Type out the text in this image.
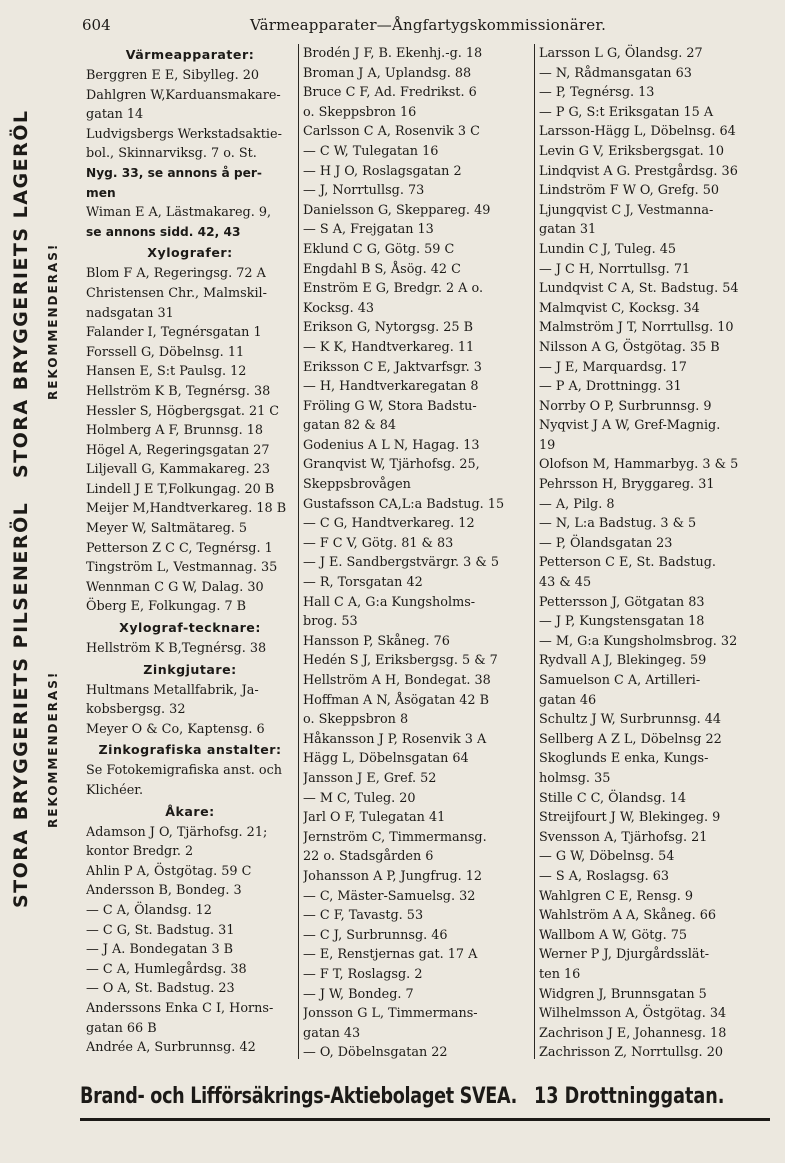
604	Värmeapparater—Ångfartygskommissionärer.
STORA BRYGGERIETS LAGERÖL
STORA BRYGGERIETS PILSENERÖL
REKOMMENDERAS!
REKOMMENDERAS!
Värmeapparater:
Berggren E E, Sibylleg. 20
Dahlgren W,Karduansmakare-
gatan 14
Ludvigsbergs Werkstadsaktie-
bol., Skinnarviksg. 7 o. St.
Nyg. 33, se annons å per-
men
Wiman E A, Lästmakareg. 9,
se annons sidd. 42, 43
Xylografer:
Blom F A, Regeringsg. 72 A
Christensen Chr., Malmskil-
nadsgatan 31
Falander I, Tegnérsgatan 1
Forssell G, Döbelnsg. 11
Hansen E, S:t Paulsg. 12
Hellström K B, Tegnérsg. 38
Hessler S, Högbergsgat. 21 C
Holmberg A F, Brunnsg. 18
Högel A, Regeringsgatan 27
Liljevall G, Kammakareg. 23
Lindell J E T,Folkungag. 20 B
Meijer M,Handtverkareg. 18 B
Meyer W, Saltmätareg. 5
Petterson Z C C, Tegnérsg. 1
Tingström L, Vestmannag. 35
Wennman C G W, Dalag. 30
Öberg E, Folkungag. 7 B
Xylograf-tecknare:
Hellström K B,Tegnérsg. 38
Zinkgjutare:
Hultmans Metallfabrik, Ja-
kobsbergsg. 32
Meyer O & Co, Kaptensg. 6
Zinkografiska anstalter:
Se Fotokemigrafiska anst. och
Klichéer.
Åkare:
Adamson J O, Tjärhofsg. 21;
kontor Bredgr. 2
Ahlin P A, Östgötag. 59 C
Andersson B, Bondeg. 3
— C A, Ölandsg. 12
— C G, St. Badstug. 31
— J A. Bondegatan 3 B
— C A, Humlegårdsg. 38
— O A, St. Badstug. 23
Anderssons Enka C I, Horns-
gatan 66 B
Andrée A, Surbrunnsg. 42
Brodén J F, B. Ekenhj.-g. 18
Broman J A, Uplandsg. 88
Bruce C F, Ad. Fredrikst. 6
o. Skeppsbron 16
Carlsson C A, Rosenvik 3 C
— C W, Tulegatan 16
— H J O, Roslagsgatan 2
— J, Norrtullsg. 73
Danielsson G, Skeppareg. 49
— S A, Frejgatan 13
Eklund C G, Götg. 59 C
Engdahl B S, Åsög. 42 C
Enström E G, Bredgr. 2 A o.
Kocksg. 43
Erikson G, Nytorgsg. 25 B
— K K, Handtverkareg. 11
Eriksson C E, Jaktvarfsgr. 3
— H, Handtverkaregatan 8
Fröling G W, Stora Badstu-
gatan 82 & 84
Godenius A L N, Hagag. 13
Granqvist W, Tjärhofsg. 25,
Skeppsbrovågen
Gustafsson CA,L:a Badstug. 15
— C G, Handtverkareg. 12
— F C V, Götg. 81 & 83
— J E. Sandbergstvärgr. 3 & 5
— R, Torsgatan 42
Hall C A, G:a Kungsholms-
brog. 53
Hansson P, Skåneg. 76
Hedén S J, Eriksbergsg. 5 & 7
Hellström A H, Bondegat. 38
Hoffman A N, Åsögatan 42 B
o. Skeppsbron 8
Håkansson J P, Rosenvik 3 A
Hägg L, Döbelnsgatan 64
Jansson J E, Gref. 52
— M C, Tuleg. 20
Jarl O F, Tulegatan 41
Jernström C, Timmermansg.
22 o. Stadsgården 6
Johansson A P, Jungfrug. 12
— C, Mäster-Samuelsg. 32
— C F, Tavastg. 53
— C J, Surbrunnsg. 46
— E, Renstjernas gat. 17 A
— F T, Roslagsg. 2
— J W, Bondeg. 7
Jonsson G L, Timmermans-
gatan 43
— O, Döbelnsgatan 22
Larsson L G, Ölandsg. 27
— N, Rådmansgatan 63
— P, Tegnérsg. 13
— P G, S:t Eriksgatan 15 A
Larsson-Hägg L, Döbelnsg. 64
Levin G V, Eriksbergsgat. 10
Lindqvist A G. Prestgårdsg. 36
Lindström F W O, Grefg. 50
Ljungqvist C J, Vestmanna-
gatan 31
Lundin C J, Tuleg. 45
— J C H, Norrtullsg. 71
Lundqvist C A, St. Badstug. 54
Malmqvist C, Kocksg. 34
Malmström J T, Norrtullsg. 10
Nilsson A G, Östgötag. 35 B
— J E, Marquardsg. 17
— P A, Drottningg. 31
Norrby O P, Surbrunnsg. 9
Nyqvist J A W, Gref-Magnig.
19
Olofson M, Hammarbyg. 3 & 5
Pehrsson H, Bryggareg. 31
— A, Pilg. 8
— N, L:a Badstug. 3 & 5
— P, Ölandsgatan 23
Petterson C E, St. Badstug.
43 & 45
Pettersson J, Götgatan 83
— J P, Kungstensgatan 18
— M, G:a Kungsholmsbrog. 32
Rydvall A J, Blekingeg. 59
Samuelson C A, Artilleri-
gatan 46
Schultz J W, Surbrunnsg. 44
Sellberg A Z L, Döbelnsg 22
Skoglunds E enka, Kungs-
holmsg. 35
Stille C C, Ölandsg. 14
Streijfourt J W, Blekingeg. 9
Svensson A, Tjärhofsg. 21
— G W, Döbelnsg. 54
— S A, Roslagsg. 63
Wahlgren C E, Rensg. 9
Wahlström A A, Skåneg. 66
Wallbom A W, Götg. 75
Werner P J, Djurgårdsslät-
ten 16
Widgren J, Brunnsgatan 5
Wilhelmsson A, Östgötag. 34
Zachrison J E, Johannesg. 18
Zachrisson Z, Norrtullsg. 20
Brand- och Lifförsäkrings-Aktiebolaget SVEA. 13 Drottninggatan.
